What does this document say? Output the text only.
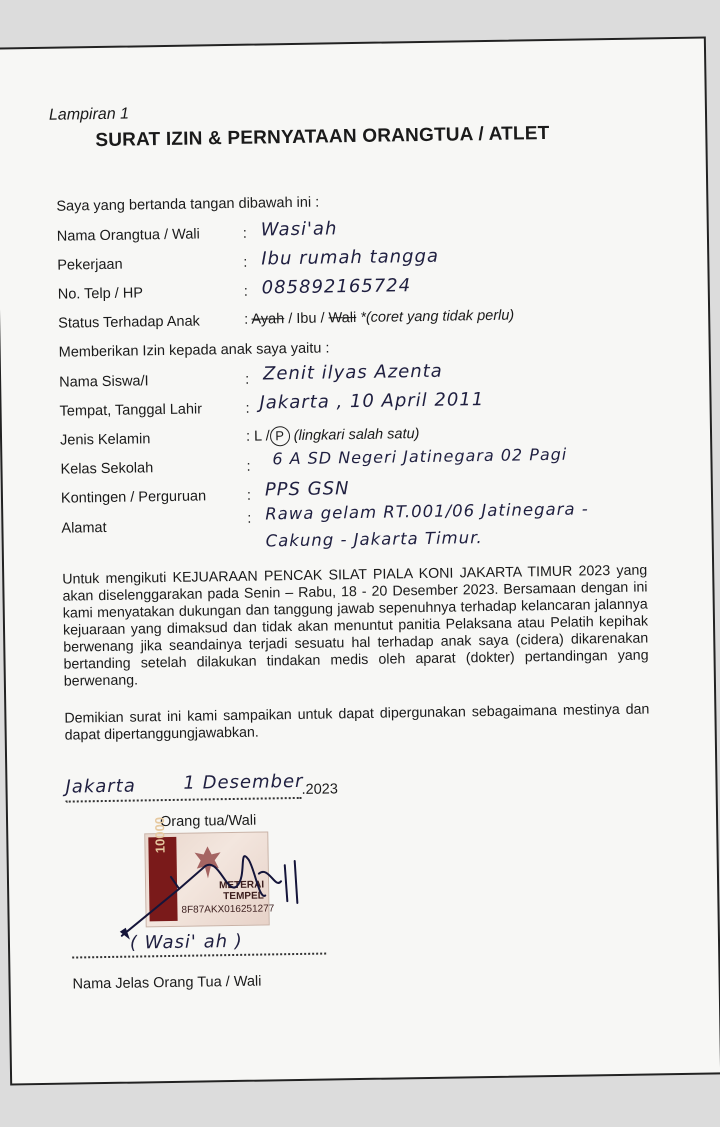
Lampiran 1
SURAT IZIN & PERNYATAAN ORANGTUA / ATLET
Saya yang bertanda tangan dibawah ini :
Nama Orangtua / Wali	: Wasi'ah
Pekerjaan	: Ibu rumah tangga
No. Telp / HP	: 085892165724
Status Terhadap Anak	: Ayah / Ibu / Wali *(coret yang tidak perlu)
Memberikan Izin kepada anak saya yaitu :
Nama Siswa/I	: Zenit ilyas Azenta
Tempat, Tanggal Lahir	: Jakarta , 10 April 2011
Jenis Kelamin	: L / P (lingkari salah satu)
Kelas Sekolah	: 6 A SD Negeri Jatinegara 02 Pagi
Kontingen / Perguruan	: PPS GSN
Alamat
: Rawa gelam RT.001/06 Jatinegara -
Cakung - Jakarta Timur.
Untuk mengikuti KEJUARAAN PENCAK SILAT PIALA KONI JAKARTA TIMUR 2023 yang akan diselenggarakan pada Senin – Rabu, 18 - 20 Desember 2023. Bersamaan dengan ini kami menyatakan dukungan dan tanggung jawab sepenuhnya terhadap kelancaran jalannya kejuaraan yang dimaksud dan tidak akan menuntut panitia Pelaksana atau Pelatih kepihak berwenang jika seandainya terjadi sesuatu hal terhadap anak saya (cidera) dikarenakan bertanding setelah dilakukan tindakan medis oleh aparat (dokter) pertandingan yang berwenang.
Demikian surat ini kami sampaikan untuk dapat dipergunakan sebagaimana mestinya dan dapat dipertanggungjawabkan.
Jakarta	1 Desember
.2023
Orang tua/Wali
10000
METERAI
TEMPEL
8F87AKX016251277
( Wasi' ah )
Nama Jelas Orang Tua / Wali
